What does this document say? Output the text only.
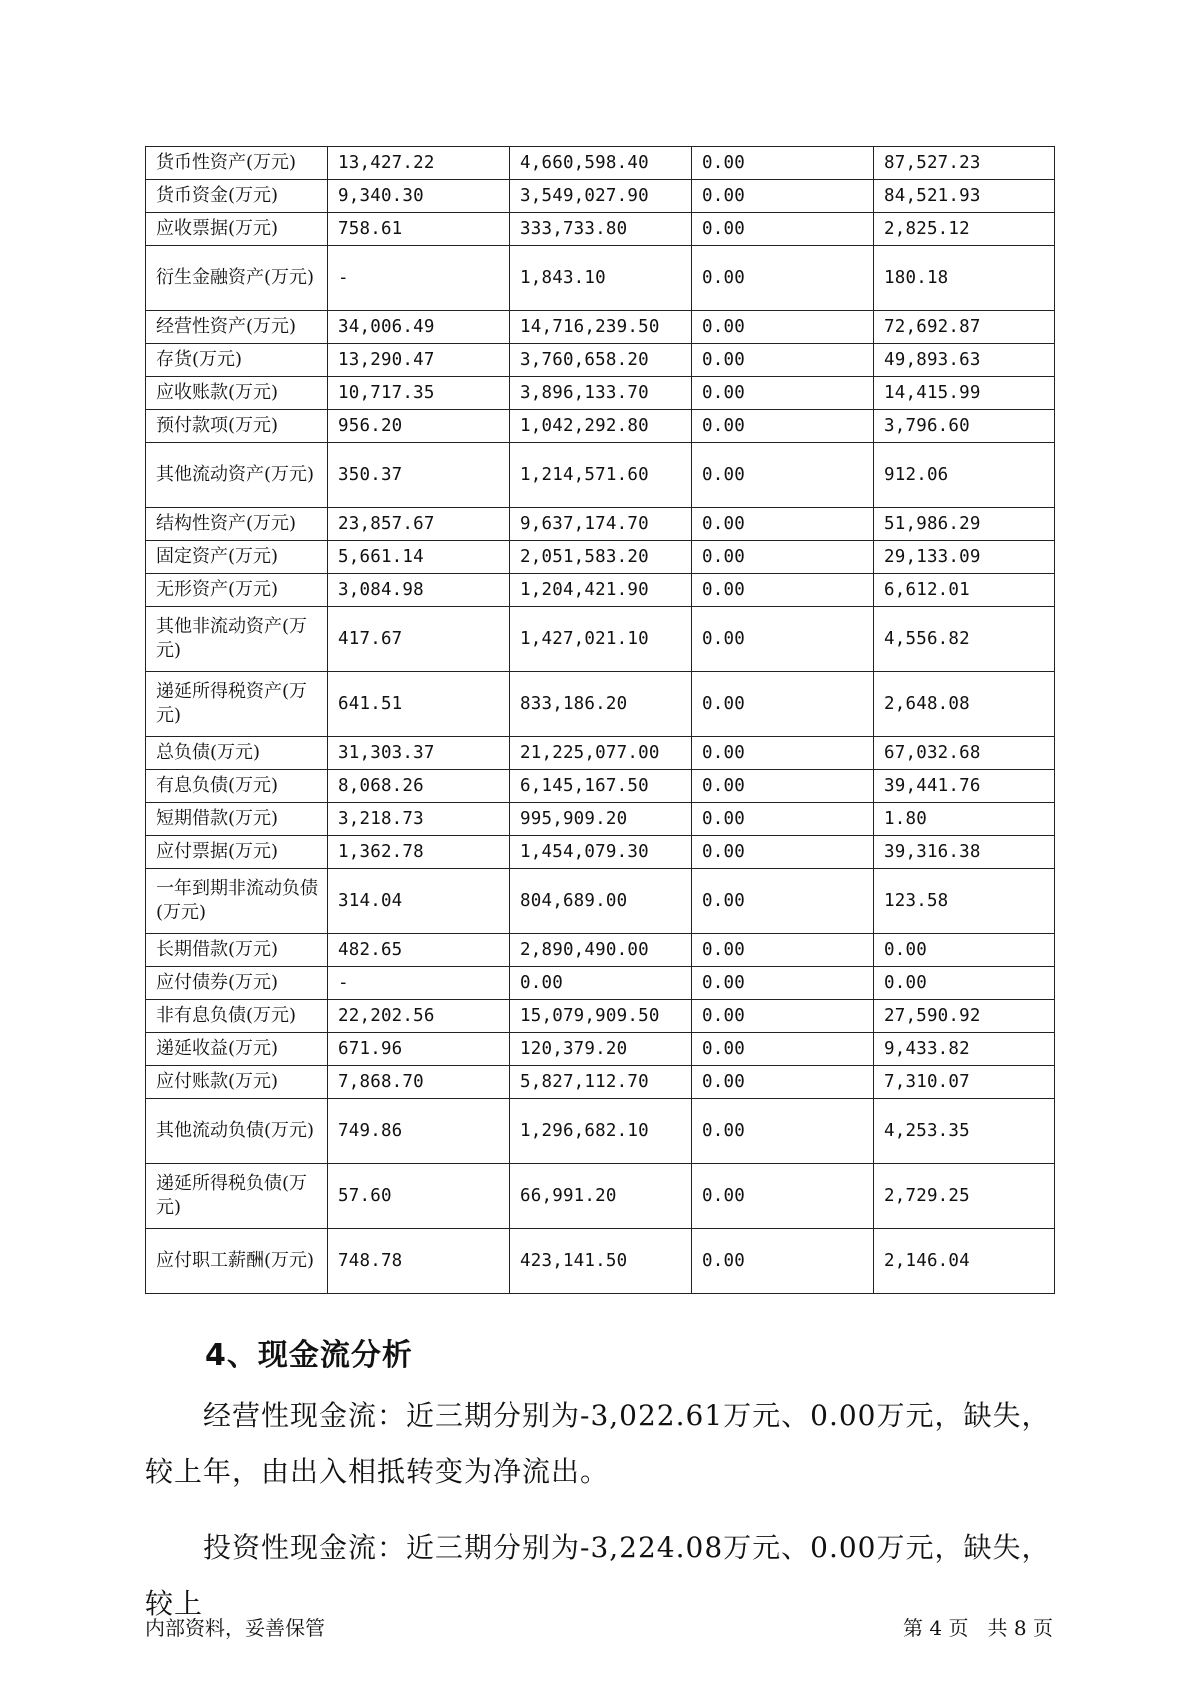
货币性资产(万元)	13,427.22	4,660,598.40	0.00	87,527.23
货币资金(万元)	9,340.30	3,549,027.90	0.00	84,521.93
应收票据(万元)	758.61	333,733.80	0.00	2,825.12
衍生金融资产(万元)	-	1,843.10	0.00	180.18
经营性资产(万元)	34,006.49	14,716,239.50	0.00	72,692.87
存货(万元)	13,290.47	3,760,658.20	0.00	49,893.63
应收账款(万元)	10,717.35	3,896,133.70	0.00	14,415.99
预付款项(万元)	956.20	1,042,292.80	0.00	3,796.60
其他流动资产(万元)	350.37	1,214,571.60	0.00	912.06
结构性资产(万元)	23,857.67	9,637,174.70	0.00	51,986.29
固定资产(万元)	5,661.14	2,051,583.20	0.00	29,133.09
无形资产(万元)	3,084.98	1,204,421.90	0.00	6,612.01
其他非流动资产(万元)	417.67	1,427,021.10	0.00	4,556.82
递延所得税资产(万元)	641.51	833,186.20	0.00	2,648.08
总负债(万元)	31,303.37	21,225,077.00	0.00	67,032.68
有息负债(万元)	8,068.26	6,145,167.50	0.00	39,441.76
短期借款(万元)	3,218.73	995,909.20	0.00	1.80
应付票据(万元)	1,362.78	1,454,079.30	0.00	39,316.38
一年到期非流动负债(万元)	314.04	804,689.00	0.00	123.58
长期借款(万元)	482.65	2,890,490.00	0.00	0.00
应付债券(万元)	-	0.00	0.00	0.00
非有息负债(万元)	22,202.56	15,079,909.50	0.00	27,590.92
递延收益(万元)	671.96	120,379.20	0.00	9,433.82
应付账款(万元)	7,868.70	5,827,112.70	0.00	7,310.07
其他流动负债(万元)	749.86	1,296,682.10	0.00	4,253.35
递延所得税负债(万元)	57.60	66,991.20	0.00	2,729.25
应付职工薪酬(万元)	748.78	423,141.50	0.00	2,146.04
4、现金流分析
经营性现金流：近三期分别为-3,022.61万元、0.00万元，缺失，较上年，由出入相抵转变为净流出。
投资性现金流：近三期分别为-3,224.08万元、0.00万元，缺失，较上
内部资料，妥善保管	第 4 页   共 8 页
